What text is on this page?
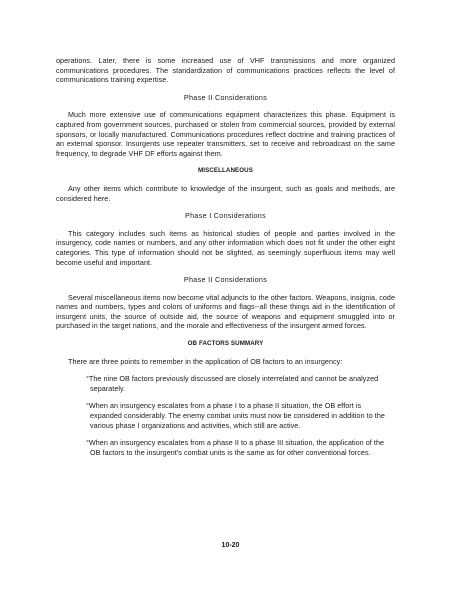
operations. Later, there is some increased use of VHF transmissions and more organized communications procedures. The standardization of communications practices reflects the level of communications training expertise.

Phase II Considerations

Much more extensive use of communications equipment characterizes this phase. Equipment is captured from government sources, purchased or stolen from commercial sources, provided by external sponsors, or locally manufactured. Communications procedures reflect doctrine and training practices of an external sponsor. Insurgents use repeater transmitters, set to receive and rebroadcast on the same frequency, to degrade VHF DF efforts against them.

MISCELLANEOUS

Any other items which contribute to knowledge of the insurgent, such as goals and methods, are considered here.

Phase I Considerations

This category includes such items as historical studies of people and parties involved in the insurgency, code names or numbers, and any other information which does not fit under the other eight categories. This type of information should not be slighted, as seemingly superfluous items may well become useful and important.

Phase II Considerations

Several miscellaneous items now become vital adjuncts to the other factors. Weapons, insignia, code names and numbers, types and colors of uniforms and flags--all these things aid in the identification of insurgent units, the source of outside aid, the source of weapons and equipment smuggled into or purchased in the target nations, and the morale and effectiveness of the insurgent armed forces.

OB FACTORS SUMMARY

There are three points to remember in the application of OB factors to an insurgency:

°The nine OB factors previously discussed are closely interrelated and cannot be analyzed separately.

°When an insurgency escalates from a phase I to a phase II situation, the OB effort is expanded considerably. The enemy combat units must now be considered in addition to the various phase I organizations and activities, which still are active.

°When an insurgency escalates from a phase II to a phase III situation, the application of the OB factors to the insurgent's combat units is the same as for other conventional forces.

10-20
